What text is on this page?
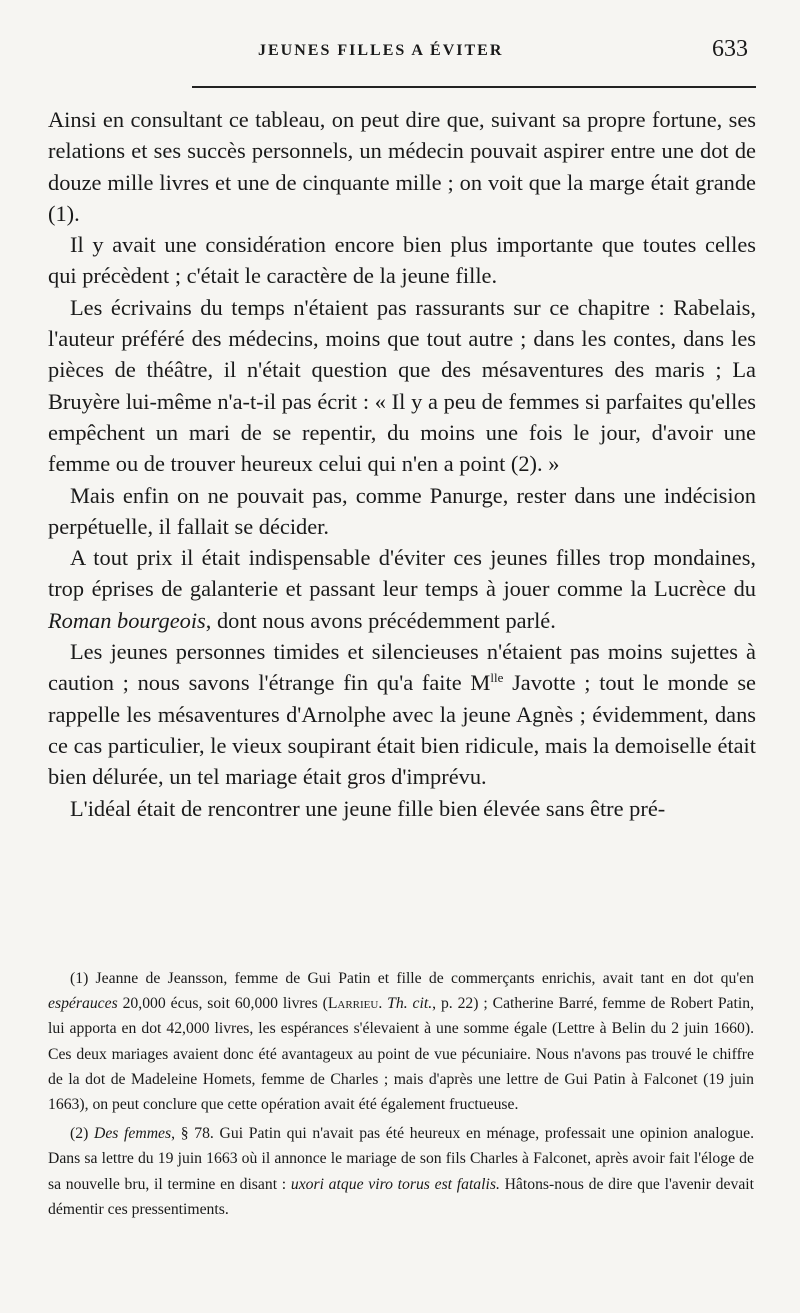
JEUNES FILLES A ÉVITER	633

Ainsi en consultant ce tableau, on peut dire que, suivant sa propre fortune, ses relations et ses succès personnels, un médecin pouvait aspirer entre une dot de douze mille livres et une de cinquante mille ; on voit que la marge était grande (1).

Il y avait une considération encore bien plus importante que toutes celles qui précèdent ; c'était le caractère de la jeune fille.

Les écrivains du temps n'étaient pas rassurants sur ce chapitre : Rabelais, l'auteur préféré des médecins, moins que tout autre ; dans les contes, dans les pièces de théâtre, il n'était question que des mésaventures des maris ; La Bruyère lui-même n'a-t-il pas écrit : « Il y a peu de femmes si parfaites qu'elles empêchent un mari de se repentir, du moins une fois le jour, d'avoir une femme ou de trouver heureux celui qui n'en a point (2). »

Mais enfin on ne pouvait pas, comme Panurge, rester dans une indécision perpétuelle, il fallait se décider.

A tout prix il était indispensable d'éviter ces jeunes filles trop mondaines, trop éprises de galanterie et passant leur temps à jouer comme la Lucrèce du Roman bourgeois, dont nous avons précédemment parlé.

Les jeunes personnes timides et silencieuses n'étaient pas moins sujettes à caution ; nous savons l'étrange fin qu'a faite $M^{lle}$ Javotte ; tout le monde se rappelle les mésaventures d'Arnolphe avec la jeune Agnès ; évidemment, dans ce cas particulier, le vieux soupirant était bien ridicule, mais la demoiselle était bien délurée, un tel mariage était gros d'imprévu.

L'idéal était de rencontrer une jeune fille bien élevée sans être pré-

(1) Jeanne de Jeansson, femme de Gui Patin et fille de commerçants enrichis, avait tant en dot qu'en espérauces 20,000 écus, soit 60,000 livres (Larrieu. Th. cit., p. 22) ; Catherine Barré, femme de Robert Patin, lui apporta en dot 42,000 livres, les espérances s'élevaient à une somme égale (Lettre à Belin du 2 juin 1660). Ces deux mariages avaient donc été avantageux au point de vue pécuniaire. Nous n'avons pas trouvé le chiffre de la dot de Madeleine Homets, femme de Charles ; mais d'après une lettre de Gui Patin à Falconet (19 juin 1663), on peut conclure que cette opération avait été également fructueuse.

(2) Des femmes, § 78. Gui Patin qui n'avait pas été heureux en ménage, professait une opinion analogue. Dans sa lettre du 19 juin 1663 où il annonce le mariage de son fils Charles à Falconet, après avoir fait l'éloge de sa nouvelle bru, il termine en disant : uxori atque viro torus est fatalis. Hâtons-nous de dire que l'avenir devait démentir ces pressentiments.
